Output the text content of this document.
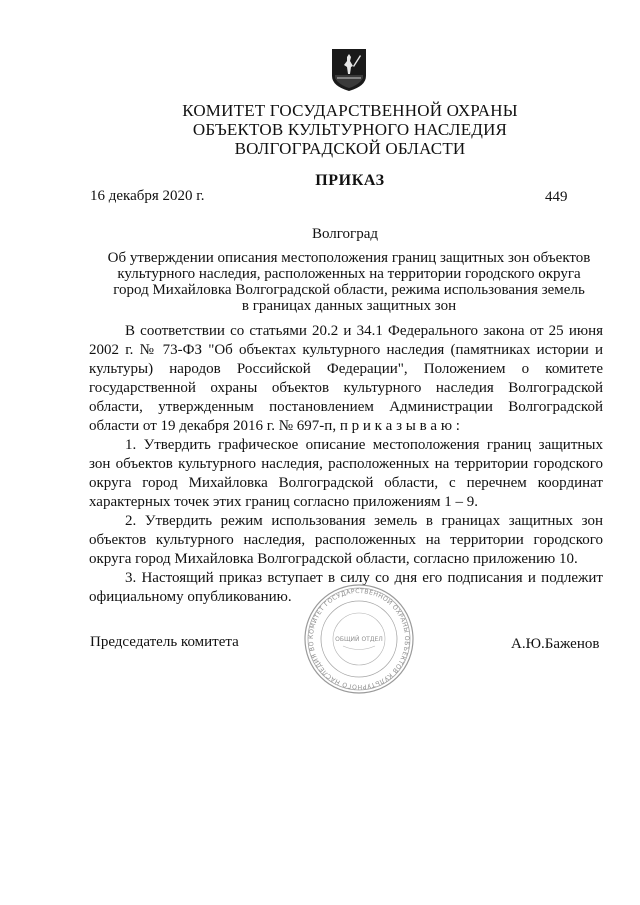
КОМИТЕТ ГОСУДАРСТВЕННОЙ ОХРАНЫ
ОБЪЕКТОВ КУЛЬТУРНОГО НАСЛЕДИЯ
ВОЛГОГРАДСКОЙ ОБЛАСТИ
ПРИКАЗ
16 декабря 2020 г.	449
Волгоград
Об утверждении описания местоположения границ защитных зон объектов
культурного наследия, расположенных на территории городского округа
город Михайловка Волгоградской области, режима использования земель
в границах данных защитных зон

В соответствии со статьями 20.2 и 34.1 Федерального закона от 25 июня 2002 г. № 73-ФЗ "Об объектах культурного наследия (памятниках истории и культуры) народов Российской Федерации", Положением о комитете государственной охраны объектов культурного наследия Волгоградской области, утвержденным постановлением Администрации Волгоградской области от 19 декабря 2016 г. № 697-п, п р и к а з ы в а ю :

1. Утвердить графическое описание местоположения границ защитных зон объектов культурного наследия, расположенных на территории городского округа город Михайловка Волгоградской области, с перечнем координат характерных точек этих границ согласно приложениям 1 – 9.

2. Утвердить режим использования земель в границах защитных зон объектов культурного наследия, расположенных на территории городского округа город Михайловка Волгоградской области, согласно приложению 10.

3. Настоящий приказ вступает в силу со дня его подписания и подлежит официальному опубликованию.

Председатель комитета	А.Ю.Баженов
КОМИТЕТ ГОСУДАРСТВЕННОЙ ОХРАНЫ ОБЪЕКТОВ КУЛЬТУРНОГО НАСЛЕДИЯ ВО
ОБЩИЙ ОТДЕЛ
